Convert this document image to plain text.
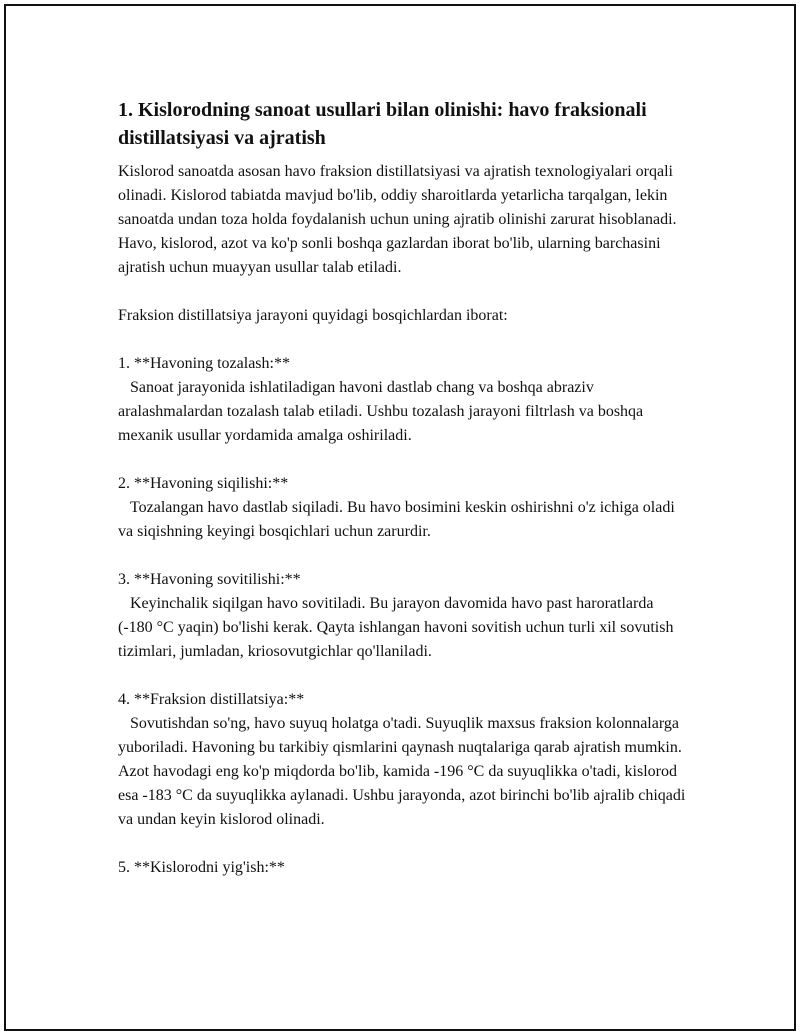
1. Kislorodning sanoat usullari bilan olinishi: havo fraksionali distillatsiyasi va ajratish

Kislorod sanoatda asosan havo fraksion distillatsiyasi va ajratish texnologiyalari orqali olinadi. Kislorod tabiatda mavjud bo'lib, oddiy sharoitlarda yetarlicha tarqalgan, lekin sanoatda undan toza holda foydalanish uchun uning ajratib olinishi zarurat hisoblanadi. Havo, kislorod, azot va ko'p sonli boshqa gazlardan iborat bo'lib, ularning barchasini ajratish uchun muayyan usullar talab etiladi.

Fraksion distillatsiya jarayoni quyidagi bosqichlardan iborat:

1. **Havoning tozalash:**

Sanoat jarayonida ishlatiladigan havoni dastlab chang va boshqa abraziv aralashmalardan tozalash talab etiladi. Ushbu tozalash jarayoni filtrlash va boshqa mexanik usullar yordamida amalga oshiriladi.

2. **Havoning siqilishi:**

Tozalangan havo dastlab siqiladi. Bu havo bosimini keskin oshirishni o'z ichiga oladi va siqishning keyingi bosqichlari uchun zarurdir.

3. **Havoning sovitilishi:**

Keyinchalik siqilgan havo sovitiladi. Bu jarayon davomida havo past haroratlarda (-180 °C yaqin) bo'lishi kerak. Qayta ishlangan havoni sovitish uchun turli xil sovutish tizimlari, jumladan, kriosovutgichlar qo'llaniladi.

4. **Fraksion distillatsiya:**

Sovutishdan so'ng, havo suyuq holatga o'tadi. Suyuqlik maxsus fraksion kolonnalarga yuboriladi. Havoning bu tarkibiy qismlarini qaynash nuqtalariga qarab ajratish mumkin. Azot havodagi eng ko'p miqdorda bo'lib, kamida -196 °C da suyuqlikka o'tadi, kislorod esa -183 °C da suyuqlikka aylanadi. Ushbu jarayonda, azot birinchi bo'lib ajralib chiqadi va undan keyin kislorod olinadi.

5. **Kislorodni yig'ish:**
